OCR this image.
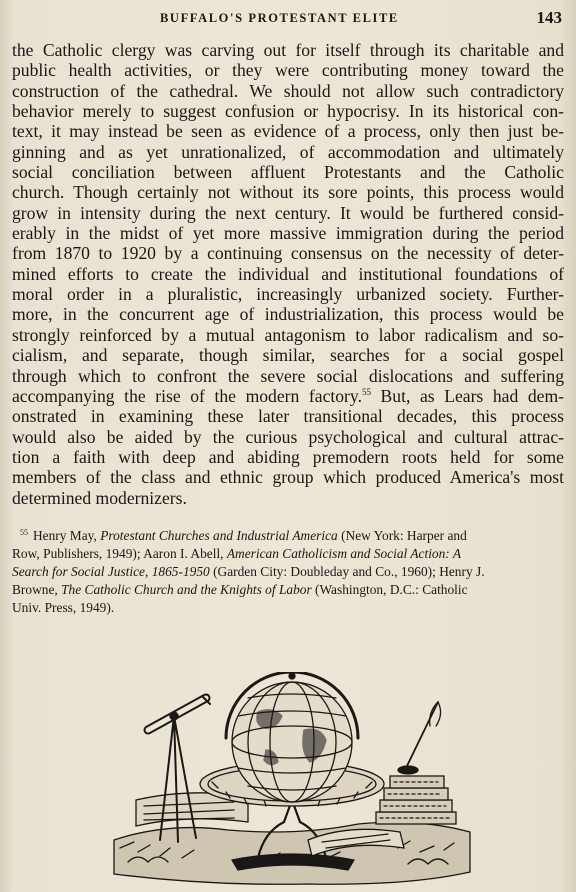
BUFFALO'S PROTESTANT ELITE	143
the Catholic clergy was carving out for itself through its charitable and
public health activities, or they were contributing money toward the
construction of the cathedral. We should not allow such contradictory
behavior merely to suggest confusion or hypocrisy. In its historical con-
text, it may instead be seen as evidence of a process, only then just be-
ginning and as yet unrationalized, of accommodation and ultimately
social conciliation between affluent Protestants and the Catholic
church. Though certainly not without its sore points, this process would
grow in intensity during the next century. It would be furthered consid-
erably in the midst of yet more massive immigration during the period
from 1870 to 1920 by a continuing consensus on the necessity of deter-
mined efforts to create the individual and institutional foundations of
moral order in a pluralistic, increasingly urbanized society. Further-
more, in the concurrent age of industrialization, this process would be
strongly reinforced by a mutual antagonism to labor radicalism and so-
cialism, and separate, though similar, searches for a social gospel
through which to confront the severe social dislocations and suffering
accompanying the rise of the modern factory.$^{55}$ But, as Lears had dem-
onstrated in examining these later transitional decades, this process
would also be aided by the curious psychological and cultural attrac-
tion a faith with deep and abiding premodern roots held for some
members of the class and ethnic group which produced America's most
determined modernizers.
$^{55}$ Henry May, Protestant Churches and Industrial America (New York: Harper and
Row, Publishers, 1949); Aaron I. Abell, American Catholicism and Social Action: A
Search for Social Justice, 1865-1950 (Garden City: Doubleday and Co., 1960); Henry J.
Browne, The Catholic Church and the Knights of Labor (Washington, D.C.: Catholic
Univ. Press, 1949).
